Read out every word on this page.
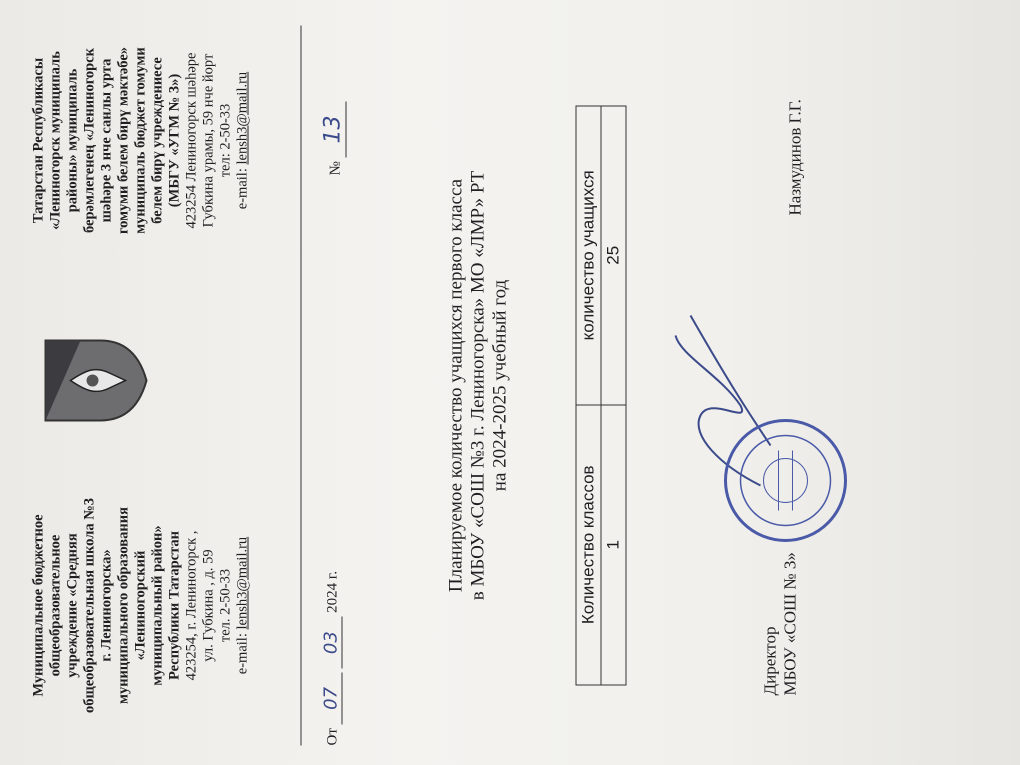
Муниципальное бюджетное общеобразовательное учреждение «Средняя общеобразовательная школа №3 г. Лениногорска» муниципального образования «Лениногорский муниципальный район» Республики Татарстан 423254, г. Лениногорск , ул. Губкина , д. 59 тел. 2-50-33
e-mail: lensh3@mail.ru
Татарстан Республикасы «Лениногорск муниципаль районы» муниципаль берәмлегенең «Лениногорск шәһәре 3 нче санлы урта гомуми белем бирү мәктәбе» муниципаль бюджет гомуми белем бирү учреждениесе (МБГУ «УГМ № 3») 423254 Лениногорск шәһәре Губкина урамы, 59 нче йорт тел: 2-50-33
e-mail: lensh3@mail.ru
От 07 03 2024 г.
№ 13
Планируемое количество учащихся первого класса в МБОУ «СОШ №3 г. Лениногорска» МО «ЛМР» РТ на 2024-2025 учебный год
Количество классов	количество учащихся
1	25
Директор МБОУ «СОШ № 3»
Назмудинов Г.Г.
